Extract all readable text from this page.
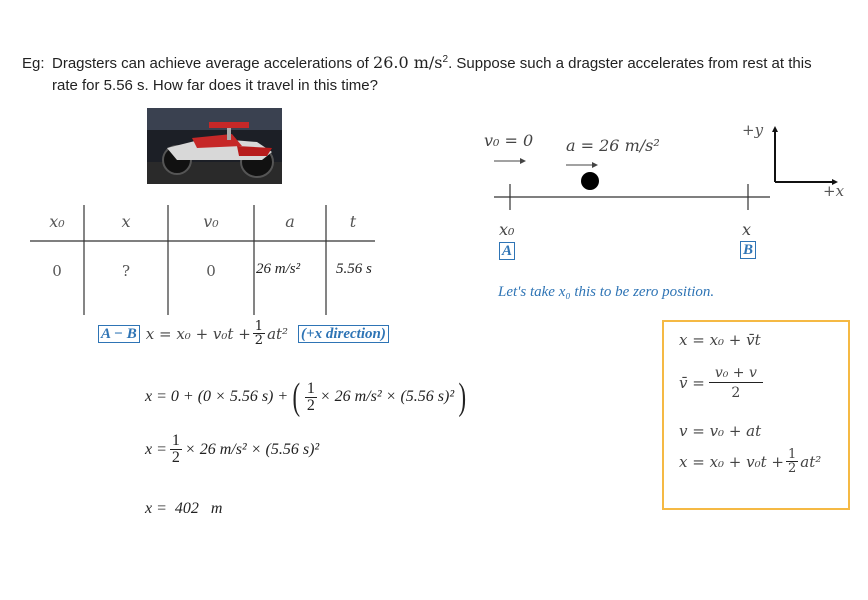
Eg: Dragsters can achieve average accelerations of 26.0 $m/s^2$. Suppose such a dragster accelerates from rest at this
rate for 5.56 s. How far does it travel in this time?
x₀	x	v₀	a	t
0	?	0	26 m/s²	5.56 s
v₀ = 0 a = 26 m/s²
+y
+x
x₀	x
A	B
Let's take x₀ this to be zero position.
A − B $x = x_0 + v_0t + \frac{1}{2} at^2$ (+x direction)
x = 0 + (0 × 5.56 s) + ( $\frac{1}{2} \times 26$ m/s² × (5.56 s)² )
$x = \frac{1}{2} \times 26$ m/s² × (5.56 s)²
x =  402   m
x = x₀ + v̄t
v̄ = $\frac{\text{v₀ + v}}{2}$
v = v₀ + at
$x = x_0 + v_0t + \frac{1}{2} at^2$
